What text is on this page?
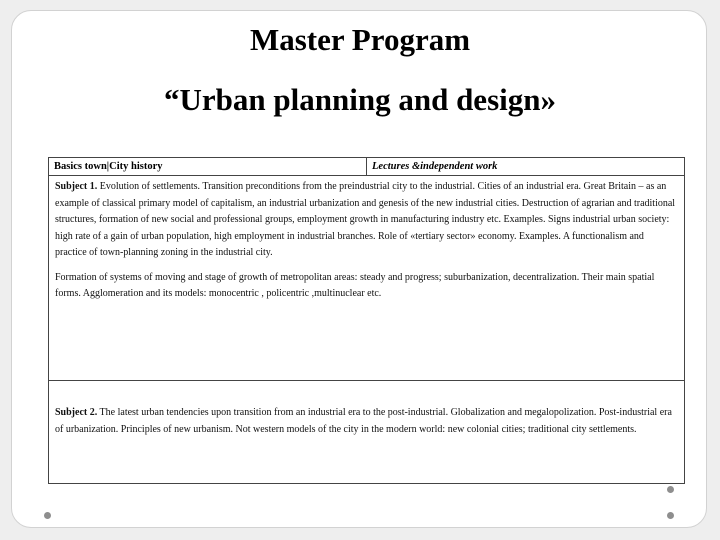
Master Program
“Urban planning and design»
Basics town|City history	Lectures &independent work

Subject 1. Evolution of settlements. Transition preconditions from the preindustrial city to the industrial. Cities of an industrial era. Great Britain – as an example of classical primary model of capitalism, an industrial urbanization and genesis of the new industrial cities. Destruction of agrarian and traditional structures, formation of new social and professional groups, employment growth in manufacturing industry etc. Examples. Signs industrial urban society: high rate of a gain of urban population, high employment in industrial branches. Role of «tertiary sector» economy. Examples. A functionalism and practice of town-planning zoning in the industrial city.

Formation of systems of moving and stage of growth of metropolitan areas: steady and progress; suburbanization, decentralization. Their main spatial forms. Agglomeration and its models: monocentric , policentric ,multinuclear etc.

Subject 2. The latest urban tendencies upon transition from an industrial era to the post-industrial. Globalization and megalopolization. Post-industrial era of urbanization. Principles of new urbanism. Not western models of the city in the modern world: new colonial cities; traditional city settlements.
